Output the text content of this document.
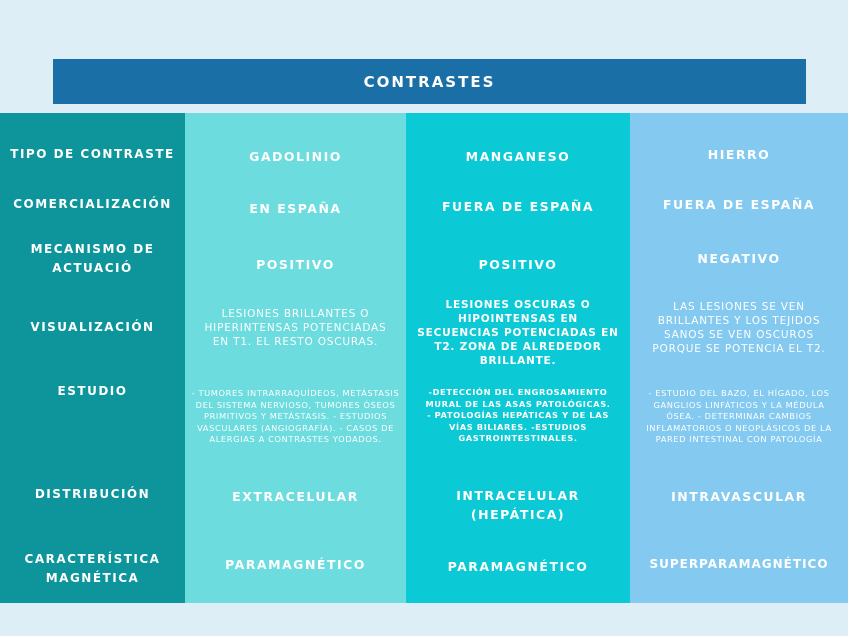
CONTRASTES
TIPO DE CONTRASTE
COMERCIALIZACIÓN
MECANISMO DE ACTUACIÓ
VISUALIZACIÓN
ESTUDIO
DISTRIBUCIÓN
CARACTERÍSTICA MAGNÉTICA
GADOLINIO
EN ESPAÑA
POSITIVO
LESIONES BRILLANTES O HIPERINTENSAS POTENCIADAS EN T1. EL RESTO OSCURAS.
- TUMORES INTRARRAQUÍDEOS, METÁSTASIS DEL SISTEMA NERVIOSO, TUMORES ÓSEOS PRIMITIVOS Y METÁSTASIS. - ESTUDIOS VASCULARES (ANGIOGRAFÍA). - CASOS DE ALERGIAS A CONTRASTES YODADOS.
EXTRACELULAR
PARAMAGNÉTICO
MANGANESO
FUERA DE ESPAÑA
POSITIVO
LESIONES OSCURAS O HIPOINTENSAS EN SECUENCIAS POTENCIADAS EN T2. ZONA DE ALREDEDOR BRILLANTE.
-DETECCIÓN DEL ENGROSAMIENTO MURAL DE LAS ASAS PATOLÓGICAS. - PATOLOGÍAS HEPÁTICAS Y DE LAS VÍAS BILIARES. -ESTUDIOS GASTROINTESTINALES.
INTRACELULAR (HEPÁTICA)
PARAMAGNÉTICO
HIERRO
FUERA DE ESPAÑA
NEGATIVO
LAS LESIONES SE VEN BRILLANTES Y LOS TEJIDOS SANOS SE VEN OSCUROS PORQUE SE POTENCIA EL T2.
- ESTUDIO DEL BAZO, EL HÍGADO, LOS GANGLIOS LINFÁTICOS Y LA MÉDULA ÓSEA. - DETERMINAR CAMBIOS INFLAMATORIOS O NEOPLÁSICOS DE LA PARED INTESTINAL CON PATOLOGÍA
INTRAVASCULAR
SUPERPARAMAGNÉTICO
